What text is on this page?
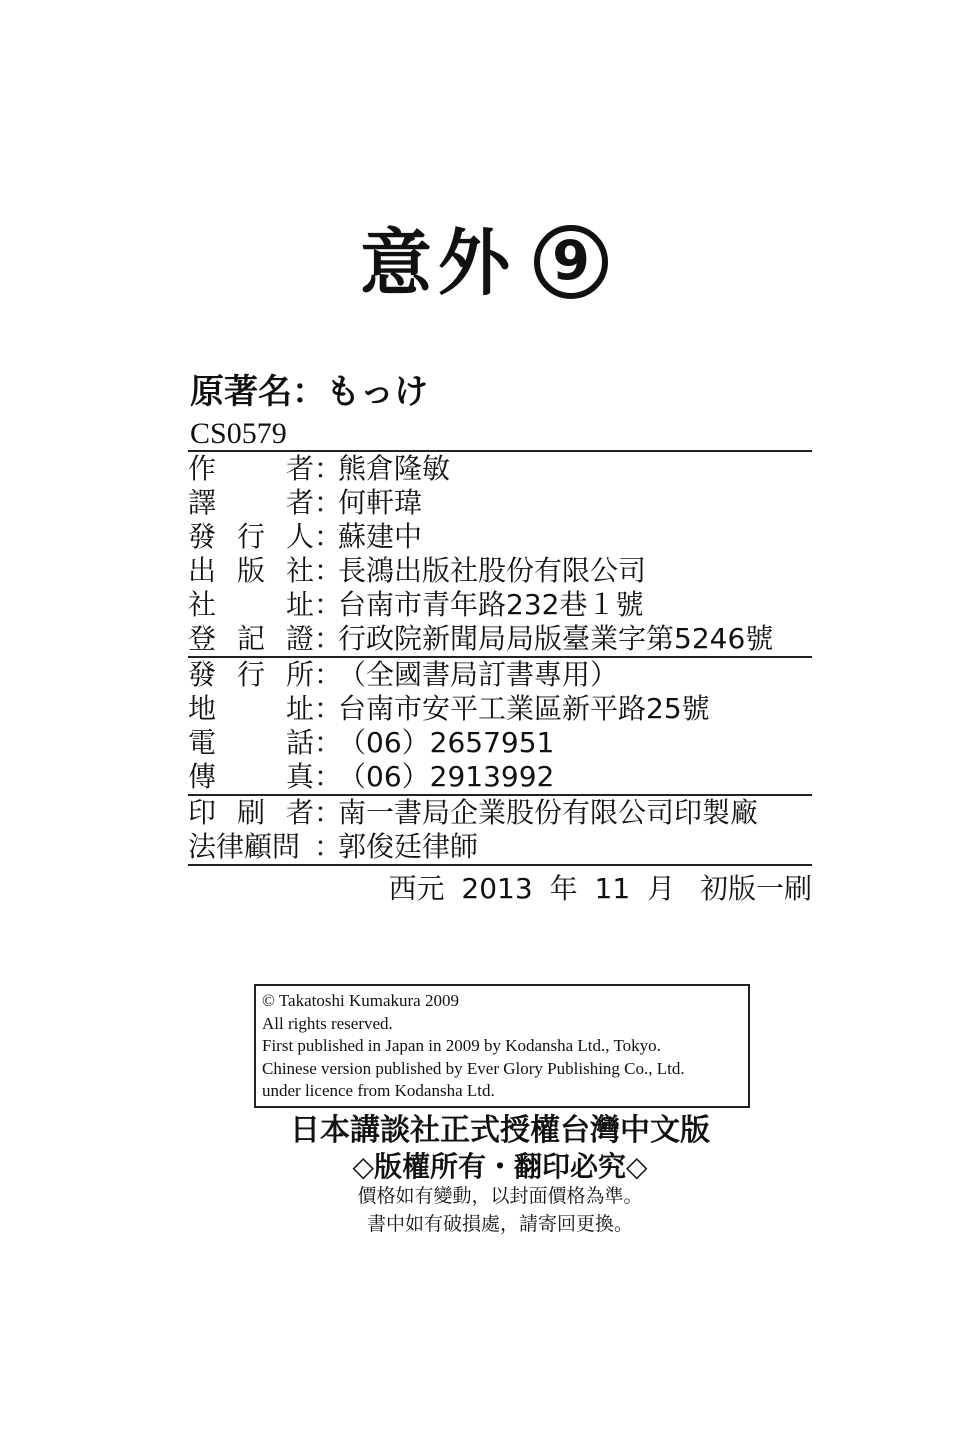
意外 9
原著名：もっけ
CS0579
作 者 ：
熊倉隆敏
譯 者 ：
何軒瑋
發 行 人 ：
蘇建中
出 版 社 ：
長鴻出版社股份有限公司
社 址 ：
台南市青年路232巷１號
登 記 證 ：
行政院新聞局局版臺業字第5246號
發 行 所 ：
（全國書局訂書專用）
地 址 ：
台南市安平工業區新平路25號
電 話 ：
（06）2657951
傳 真 ：
（06）2913992
印 刷 者 ：
南一書局企業股份有限公司印製廠
法律顧問 ：
郭俊廷律師
西元 2013 年 11 月 初版一刷
© Takatoshi Kumakura 2009
All rights reserved.
First published in Japan in 2009 by Kodansha Ltd., Tokyo.
Chinese version published by Ever Glory Publishing Co., Ltd.
under licence from Kodansha Ltd.
日本講談社正式授權台灣中文版
◇版權所有・翻印必究◇
價格如有變動，以封面價格為準。
書中如有破損處，請寄回更換。
